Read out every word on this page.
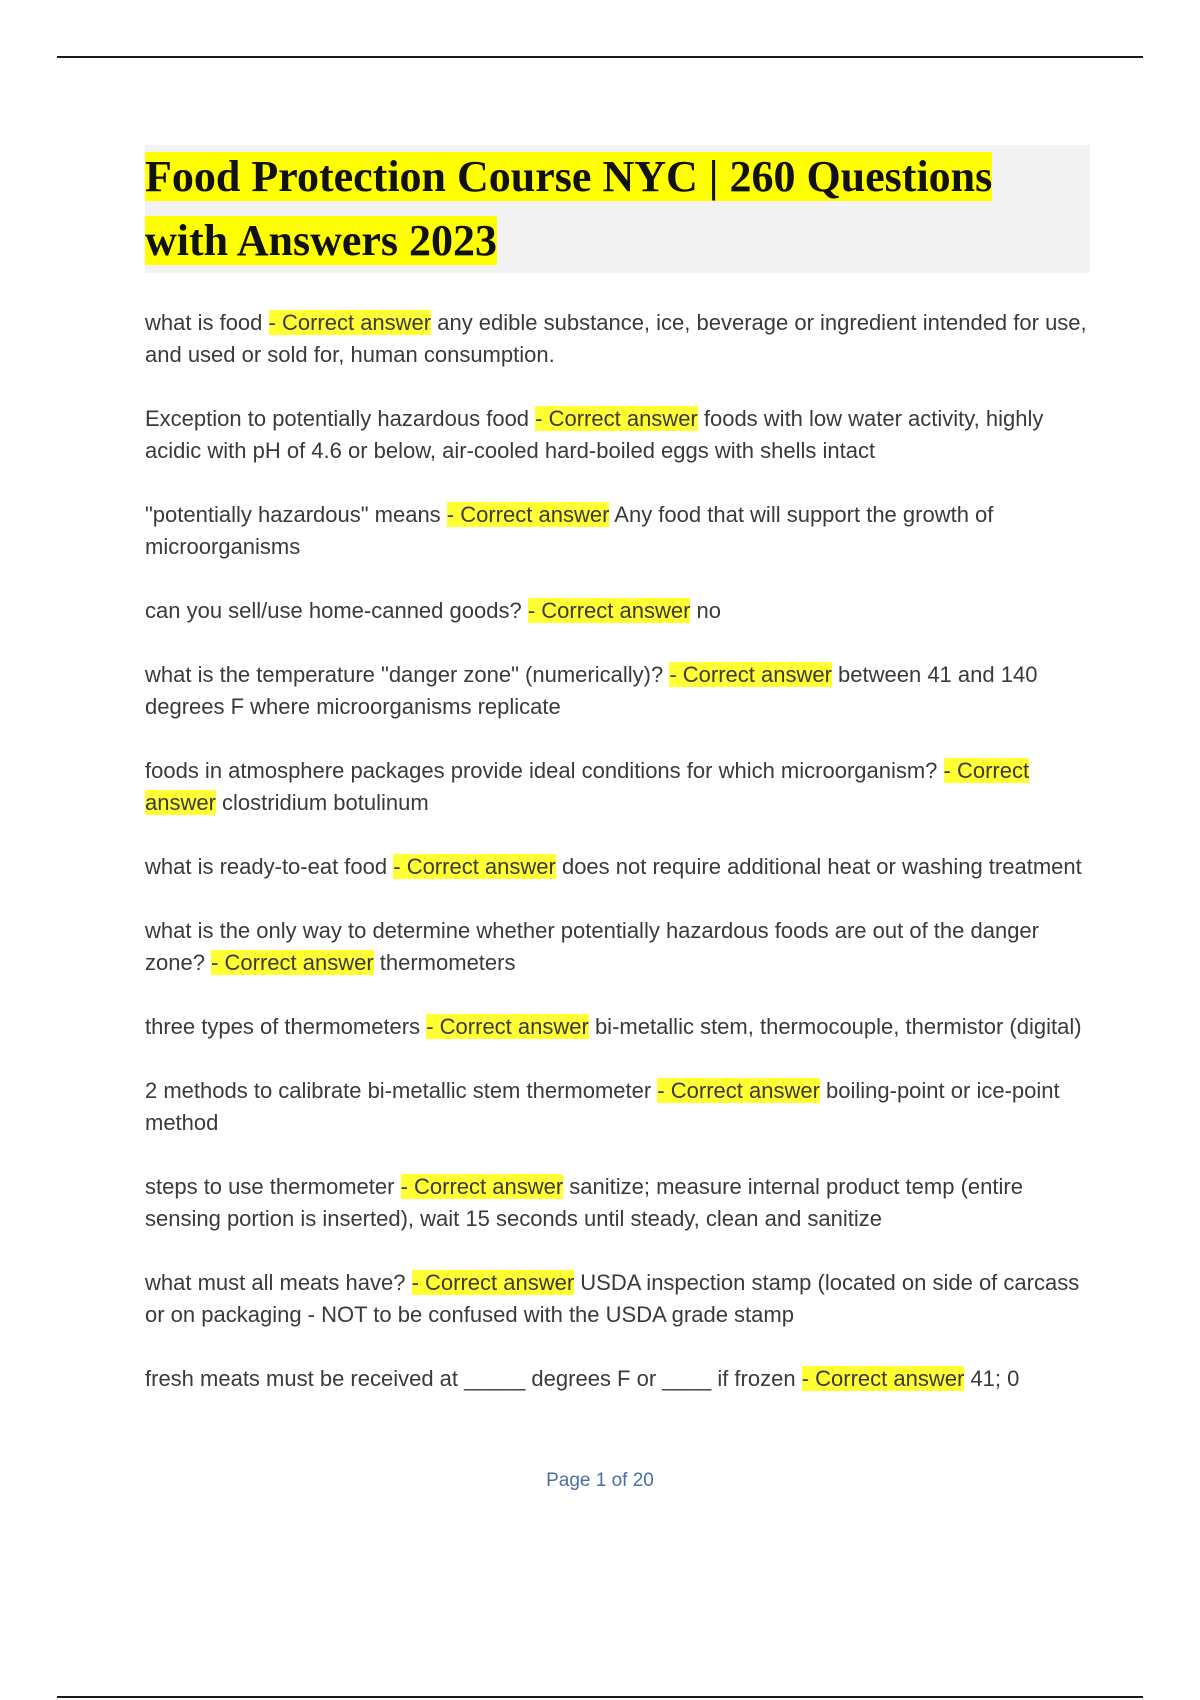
Food Protection Course NYC | 260 Questions
with Answers 2023

what is food - Correct answer any edible substance, ice, beverage or ingredient intended for use, and used or sold for, human consumption.

Exception to potentially hazardous food - Correct answer foods with low water activity, highly acidic with pH of 4.6 or below, air-cooled hard-boiled eggs with shells intact

"potentially hazardous" means - Correct answer Any food that will support the growth of microorganisms

can you sell/use home-canned goods? - Correct answer no

what is the temperature "danger zone" (numerically)? - Correct answer between 41 and 140 degrees F where microorganisms replicate

foods in atmosphere packages provide ideal conditions for which microorganism? - Correct answer clostridium botulinum

what is ready-to-eat food - Correct answer does not require additional heat or washing treatment

what is the only way to determine whether potentially hazardous foods are out of the danger zone? - Correct answer thermometers

three types of thermometers - Correct answer bi-metallic stem, thermocouple, thermistor (digital)

2 methods to calibrate bi-metallic stem thermometer - Correct answer boiling-point or ice-point method

steps to use thermometer - Correct answer sanitize; measure internal product temp (entire sensing portion is inserted), wait 15 seconds until steady, clean and sanitize

what must all meats have? - Correct answer USDA inspection stamp (located on side of carcass or on packaging - NOT to be confused with the USDA grade stamp

fresh meats must be received at _____ degrees F or ____ if frozen - Correct answer 41; 0

Page 1 of 20
